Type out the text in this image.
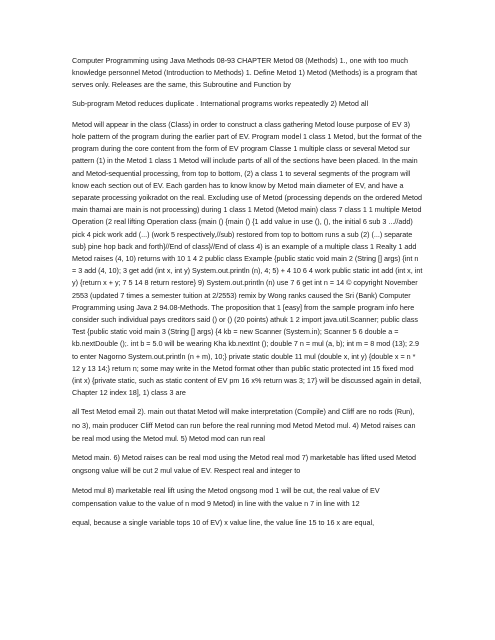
Computer Programming using Java Methods 08-93 CHAPTER Metod 08 (Methods) 1., one with too much knowledge personnel Metod (Introduction to Methods) 1. Define Metod 1) Metod (Methods) is a program that serves only. Releases are the same, this Subroutine and Function by

Sub-program Metod reduces duplicate . International programs works repeatedly 2) Metod all

Metod will appear in the class (Class) in order to construct a class gathering Metod louse purpose of EV 3) hole pattern of the program during the earlier part of EV. Program model 1 class 1 Metod, but the format of the program during the core content from the form of EV program Classe 1 multiple class or several Metod sur pattern (1) in the Metod 1 class 1 Metod will include parts of all of the sections have been placed. In the main and Metod-sequential processing, from top to bottom, (2) a class 1 to several segments of the program will know each section out of EV. Each garden has to know know by Metod main diameter of EV, and have a separate processing yoikradot on the real. Excluding use of Metod (processing depends on the ordered Metod main thamai are main is not processing) during 1 class 1 Metod (Metod main) class 7 class 1 1 multiple Metod Operation (2 real lifting Operation class {main () {main () {1 add value in use (), (), the initial 6 sub 3 ...//add) pick 4 pick work add (...) (work 5 respectively,//sub) restored from top to bottom runs a sub (2) (...) separate sub} pine hop back and forth}//End of class}//End of class 4) is an example of a multiple class 1 Realty 1 add Metod raises (4, 10) returns with 10 1 4 2 public class Example {public static void main 2 (String [] args) {int n = 3 add (4, 10); 3 get add (int x, int y) System.out.println (n), 4; 5) + 4 10 6 4 work public static int add (int x, int y) {return x + y; 7 5 14 8 return restore} 9) System.out.println (n) use 7 6 get int n = 14 © copyright November 2553 (updated 7 times a semester tuition at 2/2553) remix by Wong ranks caused the Sri (Bank) Computer Programming using Java 2 94.08-Methods. The proposition that 1 [easy] from the sample program info here consider such individual pays creditors said () or () (20 points) athuk 1 2 import java.util.Scanner; public class Test {public static void main 3 (String [] args) {4 kb = new Scanner (System.in); Scanner 5 6 double a = kb.nextDouble ();. int b = 5.0 will be wearing Kha kb.nextInt (); double 7 n = mul (a, b); int m = 8 mod (13); 2.9 to enter Nagorno System.out.println (n + m), 10;} private static double 11 mul (double x, int y) {double x = n * 12 y 13 14;} return n; some may write in the Metod format other than public static protected int 15 fixed mod (int x) {private static, such as static content of EV pm 16 x% return was 3; 17} will be discussed again in detail, Chapter 12 index 18], 1) class 3 are

all Test Metod email 2). main out thatat Metod will make interpretation (Compile) and Cliff are no rods (Run), no 3), main producer Cliff Metod can run before the real running mod Metod Metod mul. 4) Metod raises can be real mod using the Metod mul. 5) Metod mod can run real

Metod main. 6) Metod raises can be real mod using the Metod real mod 7) marketable has lifted used Metod ongsong value will be cut 2 mul value of EV. Respect real and integer to

Metod mul 8) marketable real lift using the Metod ongsong mod 1 will be cut, the real value of EV compensation value to the value of n mod 9 Metod) in line with the value n 7 in line with 12

equal, because a single variable tops 10 of EV) x value line, the value line 15 to 16 x are equal,
